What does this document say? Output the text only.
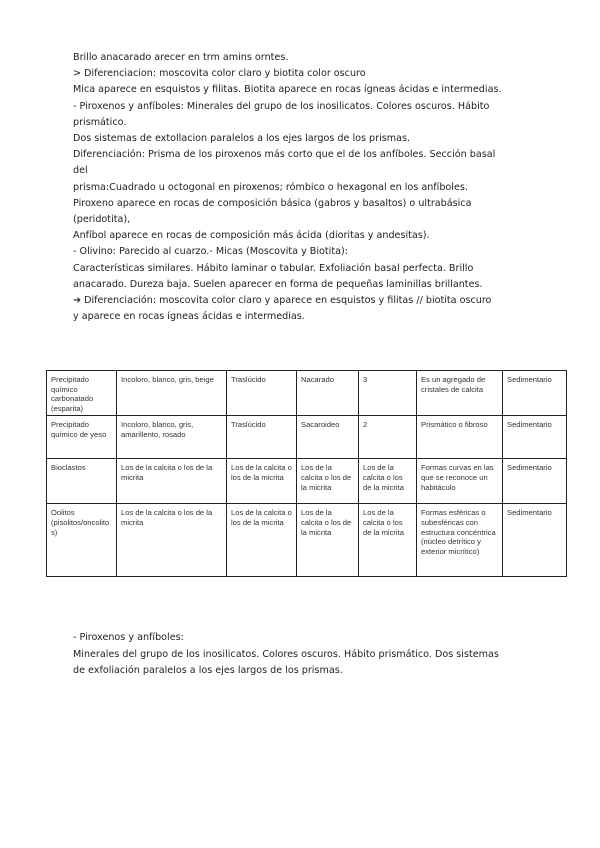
Brillo anacarado arecer en trm amins orntes.
> Diferenciacion: moscovita color claro y biotita color oscuro
Mica aparece en esquistos y filitas. Biotita aparece en rocas ígneas ácidas e intermedias.
- Piroxenos y anfíboles: Minerales del grupo de los inosilicatos. Colores oscuros. Hábito
prismático.
Dos sistemas de extollacion paralelos a los ejes largos de los prismas.
Diferenciación: Prisma de los piroxenos más corto que el de los anfíboles. Sección basal
del
prisma:Cuadrado u octogonal en piroxenos; rómbico o hexagonal en los anfíboles.
Piroxeno aparece en rocas de composición básica (gabros y basaltos) o ultrabásica
(peridotita),
Anfíbol aparece en rocas de composición más ácida (dioritas y andesitas).
- Olivino: Parecido al cuarzo.- Micas (Moscovita y Biotita):
Características similares. Hábito laminar o tabular. Exfoliación basal perfecta. Brillo
anacarado. Dureza baja. Suelen aparecer en forma de pequeñas laminillas brillantes.
➔ Diferenciación: moscovita color claro y aparece en esquistos y filitas // biotita oscuro
y aparece en rocas ígneas ácidas e intermedias.
Precipitado químico carbonatado (esparita)	Incoloro, blanco, gris, beige	Traslúcido	Nacarado	3	Es un agregado de cristales de calcita	Sedimentario
Precipitado químico de yeso	Incoloro, blanco, gris, amarillento, rosado	Traslúcido	Sacaroideo	2	Prismático o fibroso	Sedimentario
Bioclastos	Los de la calcita o los de la micrita	Los de la calcita o los de la micrita	Los de la calcita o los de la micrita	Los de la calcita o los de la micrita	Formas curvas en las que se reconoce un habitáculo	Sedimentario
Oolitos (pisolitos/oncolitos)	Los de la calcita o los de la micrita	Los de la calcita o los de la micrita	Los de la calcita o los de la micrita	Los de la calcita o los de la micrita	Formas esféricas o subesféricas con estructura concéntrica (núcleo detrítico y exterior micrítico)	Sedimentario
- Piroxenos y anfíboles:
Minerales del grupo de los inosilicatos. Colores oscuros. Hábito prismático. Dos sistemas
de exfoliación paralelos a los ejes largos de los prismas.
